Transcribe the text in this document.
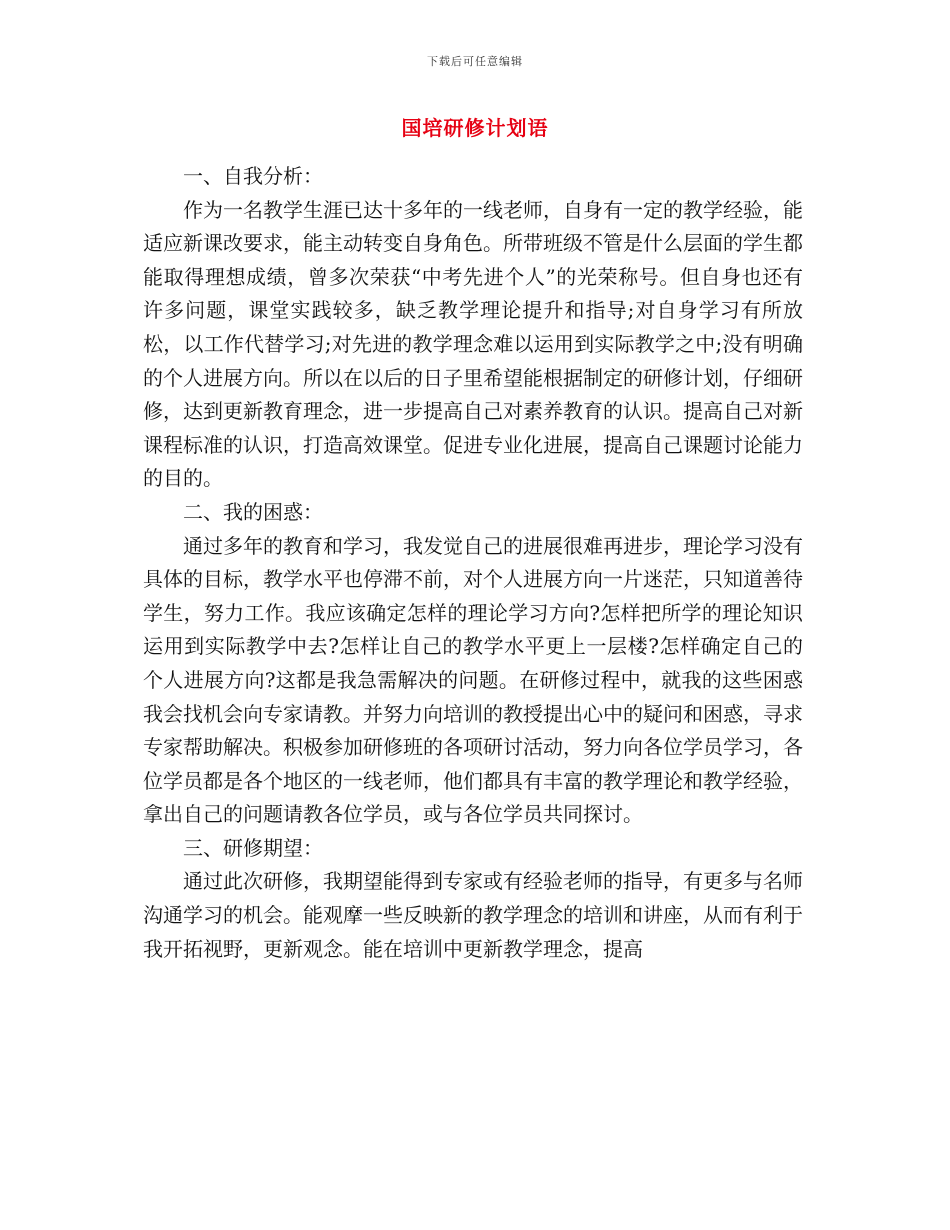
下载后可任意编辑
国培研修计划语

一、自我分析：

作为一名教学生涯已达十多年的一线老师，自身有一定的教学经验，能适应新课改要求，能主动转变自身角色。所带班级不管是什么层面的学生都能取得理想成绩，曾多次荣获“中考先进个人”的光荣称号。但自身也还有许多问题，课堂实践较多，缺乏教学理论提升和指导;对自身学习有所放松，以工作代替学习;对先进的教学理念难以运用到实际教学之中;没有明确的个人进展方向。所以在以后的日子里希望能根据制定的研修计划，仔细研修，达到更新教育理念，进一步提高自己对素养教育的认识。提高自己对新课程标准的认识，打造高效课堂。促进专业化进展，提高自己课题讨论能力的目的。

二、我的困惑：

通过多年的教育和学习，我发觉自己的进展很难再进步，理论学习没有具体的目标，教学水平也停滞不前，对个人进展方向一片迷茫，只知道善待学生，努力工作。我应该确定怎样的理论学习方向?怎样把所学的理论知识运用到实际教学中去?怎样让自己的教学水平更上一层楼?怎样确定自己的个人进展方向?这都是我急需解决的问题。在研修过程中，就我的这些困惑我会找机会向专家请教。并努力向培训的教授提出心中的疑问和困惑，寻求专家帮助解决。积极参加研修班的各项研讨活动，努力向各位学员学习，各位学员都是各个地区的一线老师，他们都具有丰富的教学理论和教学经验，拿出自己的问题请教各位学员，或与各位学员共同探讨。

三、研修期望：

通过此次研修，我期望能得到专家或有经验老师的指导，有更多与名师沟通学习的机会。能观摩一些反映新的教学理念的培训和讲座，从而有利于我开拓视野，更新观念。能在培训中更新教学理念，提高
